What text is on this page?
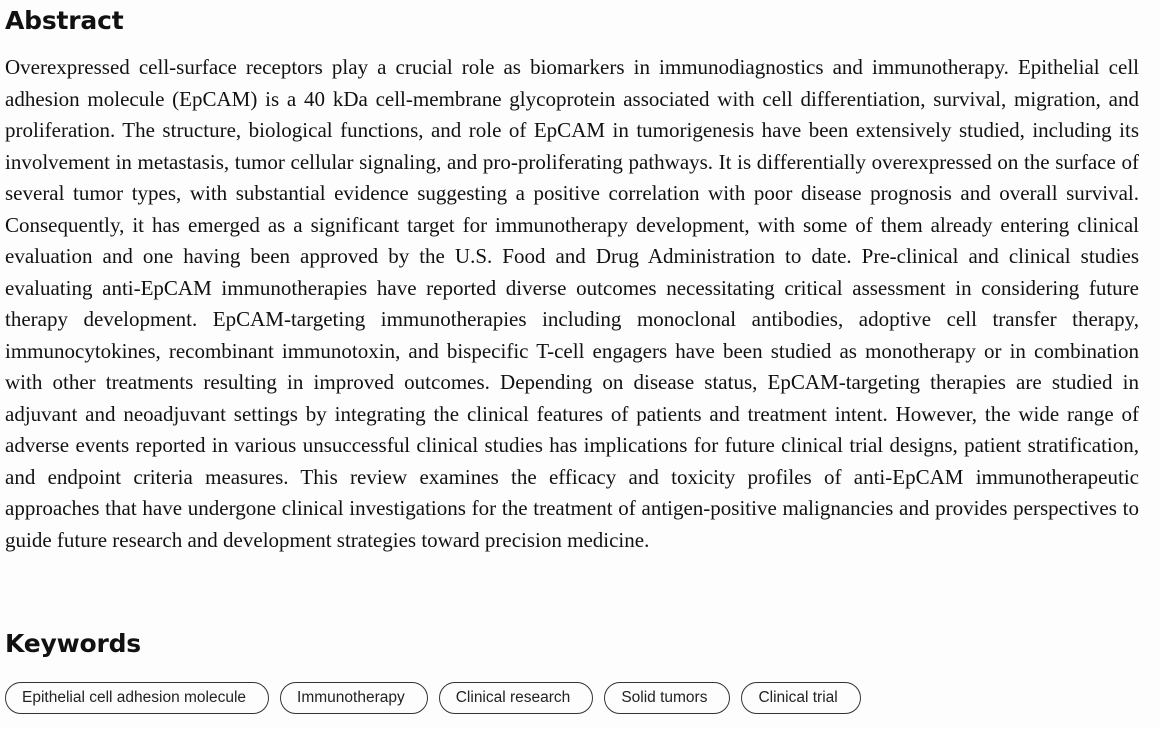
Abstract

Overexpressed cell-surface receptors play a crucial role as biomarkers in immunodiagnostics and immunotherapy. Epithelial cell adhesion molecule (EpCAM) is a 40 kDa cell-membrane glycoprotein associated with cell differentiation, survival, migration, and proliferation. The structure, biological functions, and role of EpCAM in tumorigenesis have been extensively studied, including its involvement in metastasis, tumor cellular signaling, and pro-proliferating pathways. It is differentially overexpressed on the surface of several tumor types, with substantial evidence suggesting a positive correlation with poor disease prognosis and overall survival. Consequently, it has emerged as a significant target for immunotherapy development, with some of them already entering clinical evaluation and one having been approved by the U.S. Food and Drug Administration to date. Pre-clinical and clinical studies evaluating anti-EpCAM immunotherapies have reported diverse outcomes necessitating critical assessment in considering future therapy development. EpCAM-targeting immunotherapies including monoclonal antibodies, adoptive cell transfer therapy, immunocytokines, recombinant immunotoxin, and bispecific T-cell engagers have been studied as monotherapy or in combination with other treatments resulting in improved outcomes. Depending on disease status, EpCAM-targeting therapies are studied in adjuvant and neoadjuvant settings by integrating the clinical features of patients and treatment intent. However, the wide range of adverse events reported in various unsuccessful clinical studies has implications for future clinical trial designs, patient stratification, and endpoint criteria measures. This review examines the efficacy and toxicity profiles of anti-EpCAM immunotherapeutic approaches that have undergone clinical investigations for the treatment of antigen-positive malignancies and provides perspectives to guide future research and development strategies toward precision medicine.

Keywords
Epithelial cell adhesion molecule	Immunotherapy	Clinical research	Solid tumors	Clinical trial
